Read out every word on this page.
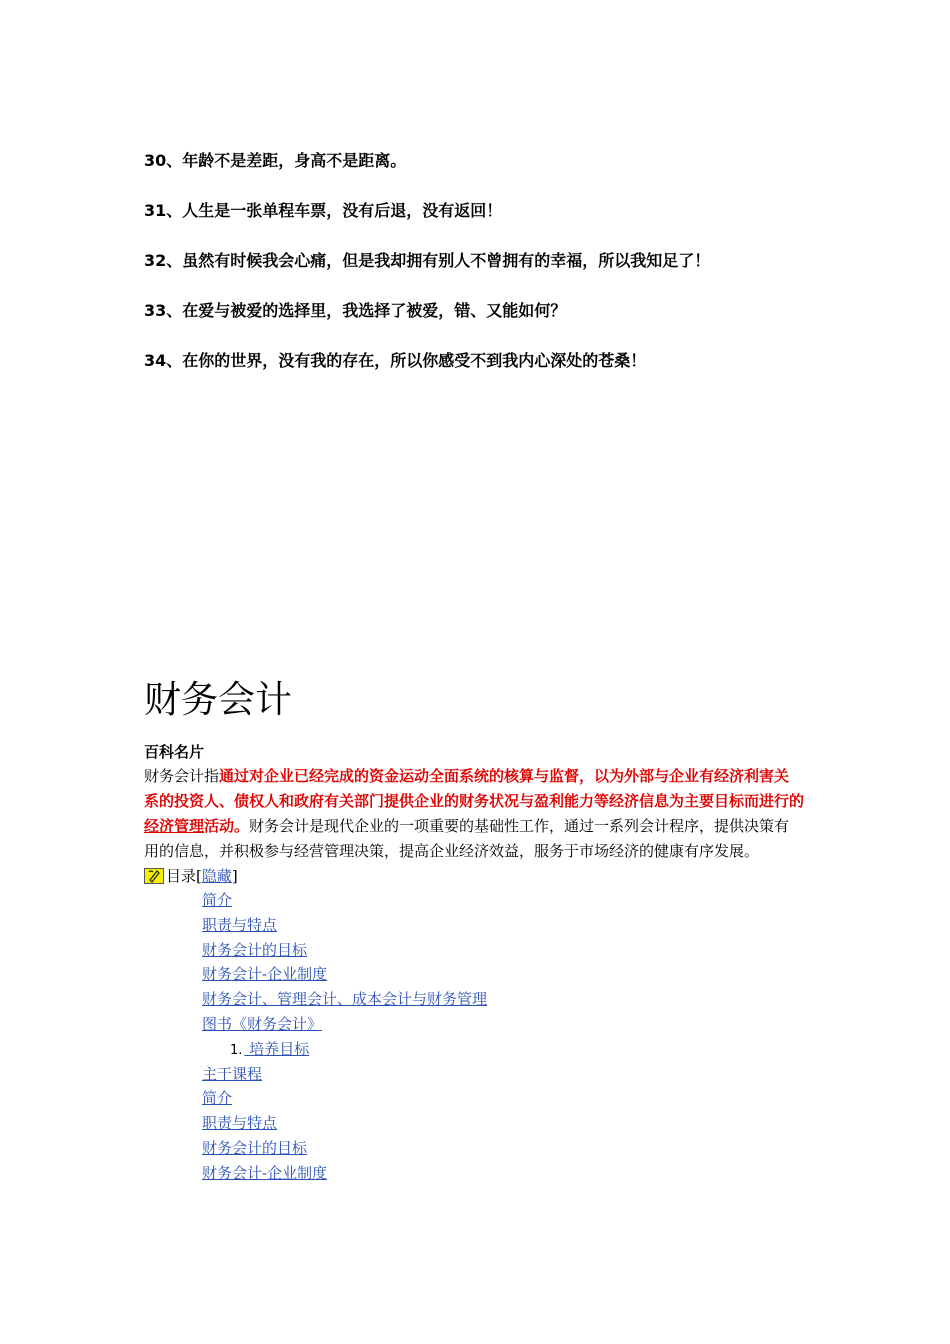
30、年龄不是差距，身高不是距离。
31、人生是一张单程车票，没有后退，没有返回！
32、虽然有时候我会心痛，但是我却拥有别人不曾拥有的幸福，所以我知足了！
33、在爱与被爱的选择里，我选择了被爱，错、又能如何？
34、在你的世界，没有我的存在，所以你感受不到我内心深处的苍桑！
财务会计
百科名片
财务会计指通过对企业已经完成的资金运动全面系统的核算与监督，以为外部与企业有经济利害关系的投资人、债权人和政府有关部门提供企业的财务状况与盈利能力等经济信息为主要目标而进行的经济管理活动。财务会计是现代企业的一项重要的基础性工作，通过一系列会计程序，提供决策有用的信息，并积极参与经营管理决策，提高企业经济效益，服务于市场经济的健康有序发展。
目录[ 隐藏 ]
简介
职责与特点
财务会计的目标
财务会计-企业制度
财务会计、管理会计、成本会计与财务管理
图书《财务会计》
1. 培养目标
主干课程
简介
职责与特点
财务会计的目标
财务会计-企业制度
